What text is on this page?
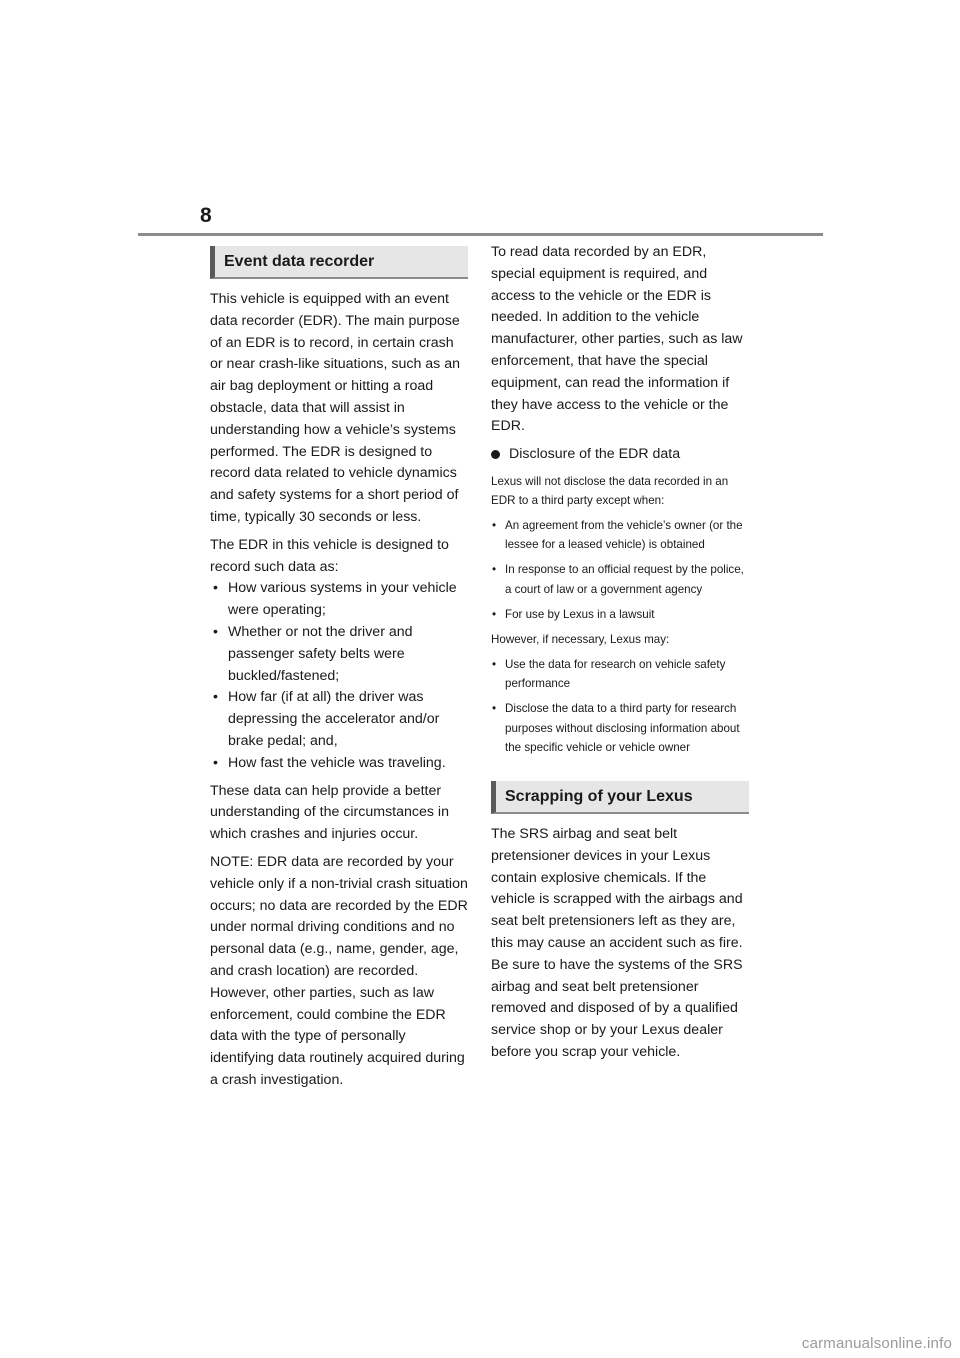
8
Event data recorder

This vehicle is equipped with an event data recorder (EDR). The main purpose of an EDR is to record, in certain crash or near crash-like situations, such as an air bag deployment or hitting a road obstacle, data that will assist in understanding how a vehicle’s systems performed. The EDR is designed to record data related to vehicle dynamics and safety systems for a short period of time, typically 30 seconds or less.

The EDR in this vehicle is designed to record such data as:

• How various systems in your vehicle were operating;
• Whether or not the driver and passenger safety belts were buckled/fastened;
• How far (if at all) the driver was depressing the accelerator and/or brake pedal; and,
• How fast the vehicle was traveling.

These data can help provide a better understanding of the circumstances in which crashes and injuries occur.

NOTE: EDR data are recorded by your vehicle only if a non-trivial crash situation occurs; no data are recorded by the EDR under normal driving conditions and no personal data (e.g., name, gender, age, and crash location) are recorded. However, other parties, such as law enforcement, could combine the EDR data with the type of personally identifying data routinely acquired during a crash investigation.

To read data recorded by an EDR, special equipment is required, and access to the vehicle or the EDR is needed. In addition to the vehicle manufacturer, other parties, such as law enforcement, that have the special equipment, can read the information if they have access to the vehicle or the EDR.

Disclosure of the EDR data

Lexus will not disclose the data recorded in an EDR to a third party except when:

• An agreement from the vehicle’s owner (or the lessee for a leased vehicle) is obtained
• In response to an official request by the police, a court of law or a government agency
• For use by Lexus in a lawsuit

However, if necessary, Lexus may:

• Use the data for research on vehicle safety performance
• Disclose the data to a third party for research purposes without disclosing information about the specific vehicle or vehicle owner
Scrapping of your Lexus

The SRS airbag and seat belt pretensioner devices in your Lexus contain explosive chemicals. If the vehicle is scrapped with the airbags and seat belt pretensioners left as they are, this may cause an accident such as fire. Be sure to have the systems of the SRS airbag and seat belt pretensioner removed and disposed of by a qualified service shop or by your Lexus dealer before you scrap your vehicle.

carmanualsonline.info
